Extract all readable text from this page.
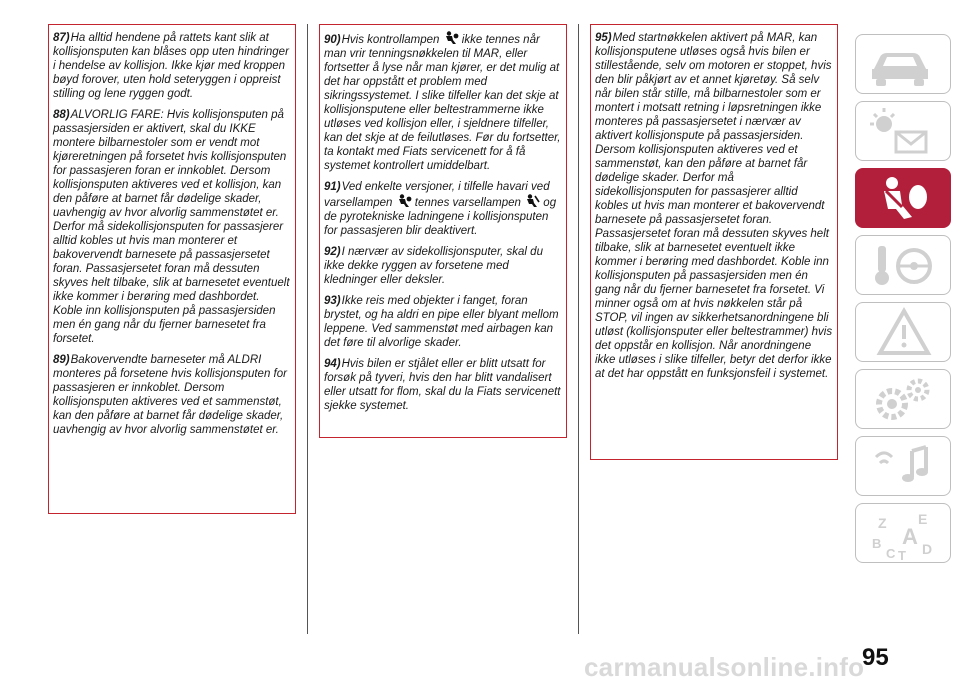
87)Ha alltid hendene på rattets kant slik at kollisjonsputen kan blåses opp uten hindringer i hendelse av kollisjon. Ikke kjør med kroppen bøyd forover, uten hold seteryggen i oppreist stilling og lene ryggen godt.

88)ALVORLIG FARE: Hvis kollisjonsputen på passasjersiden er aktivert, skal du IKKE montere bilbarnestoler som er vendt mot kjøreretningen på forsetet hvis kollisjonsputen for passasjeren foran er innkoblet. Dersom kollisjonsputen aktiveres ved et kollisjon, kan den påføre at barnet får dødelige skader, uavhengig av hvor alvorlig sammenstøtet er. Derfor må sidekollisjonsputen for passasjerer alltid kobles ut hvis man monterer et bakovervendt barnesete på passasjersetet foran. Passasjersetet foran må dessuten skyves helt tilbake, slik at barnesetet eventuelt ikke kommer i berøring med dashbordet. Koble inn kollisjonsputen på passasjersiden men én gang når du fjerner barnesetet fra forsetet.

89)Bakovervendte barneseter må ALDRI monteres på forsetene hvis kollisjonsputen for passasjeren er innkoblet. Dersom kollisjonsputen aktiveres ved et sammenstøt, kan den påføre at barnet får dødelige skader, uavhengig av hvor alvorlig sammenstøtet er.

90)Hvis kontrollampen  ikke tennes når man vrir tenningsnøkkelen til MAR, eller fortsetter å lyse når man kjører, er det mulig at det har oppstått et problem med sikringssystemet. I slike tilfeller kan det skje at kollisjonsputene eller beltestrammerne ikke utløses ved kollisjon eller, i sjeldnere tilfeller, kan det skje at de feilutløses. Før du fortsetter, ta kontakt med Fiats servicenett for å få systemet kontrollert umiddelbart.

91)Ved enkelte versjoner, i tilfelle havari ved varsellampen  tennes varsellampen  og de pyrotekniske ladningene i kollisjonsputen for passasjeren blir deaktivert.

92)I nærvær av sidekollisjonsputer, skal du ikke dekke ryggen av forsetene med kledninger eller deksler.

93)Ikke reis med objekter i fanget, foran brystet, og ha aldri en pipe eller blyant mellom leppene. Ved sammenstøt med airbagen kan det føre til alvorlige skader.

94)Hvis bilen er stjålet eller er blitt utsatt for forsøk på tyveri, hvis den har blitt vandalisert eller utsatt for flom, skal du la Fiats servicenett sjekke systemet.

95)Med startnøkkelen aktivert på MAR, kan kollisjonsputene utløses også hvis bilen er stillestående, selv om motoren er stoppet, hvis den blir påkjørt av et annet kjøretøy. Så selv når bilen står stille, må bilbarnestoler som er montert i motsatt retning i løpsretningen ikke monteres på passasjersetet i nærvær av aktivert kollisjonspute på passasjersiden. Dersom kollisjonsputen aktiveres ved et sammenstøt, kan den påføre at barnet får dødelige skader. Derfor må sidekollisjonsputen for passasjerer alltid kobles ut hvis man monterer et bakovervendt barnesete på passasjersetet foran. Passasjersetet foran må dessuten skyves helt tilbake, slik at barnesetet eventuelt ikke kommer i berøring med dashbordet. Koble inn kollisjonsputen på passasjersiden men én gang når du fjerner barnesetet fra forsetet. Vi minner også om at hvis nøkkelen står på STOP, vil ingen av sikkerhetsanordningene bli utløst (kollisjonsputer eller beltestrammer) hvis det oppstår en kollisjon. Når anordningene ikke utløses i slike tilfeller, betyr det derfor ikke at det har oppstått en funksjonsfeil i systemet.

Z E
B A
C T D
carmanualsonline.info
95
